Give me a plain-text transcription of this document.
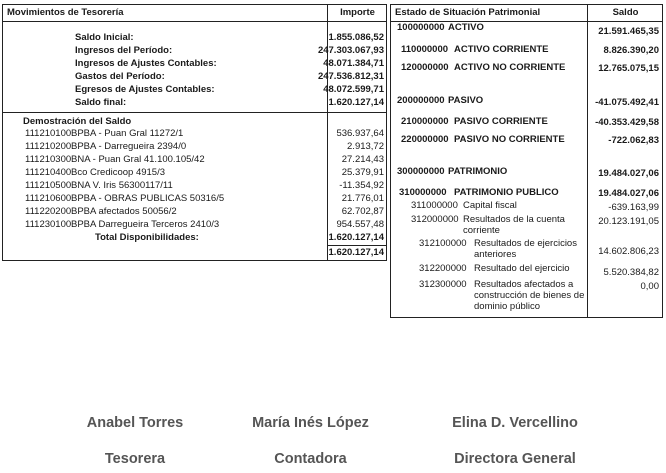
Movimientos de Tesorería	Importe
Saldo Inicial:	1.855.086,52
Ingresos del Período:	247.303.067,93
Ingresos de Ajustes Contables:	48.071.384,71
Gastos del Período:	247.536.812,31
Egresos de Ajustes Contables:	48.072.599,71
Saldo final:	1.620.127,14
Demostración del Saldo
111210100 BPBA - Puan Gral 11272/1	536.937,64
111210200 BPBA - Darregueira 2394/0	2.913,72
111210300 BNA - Puan Gral 41.100.105/42	27.214,43
111210400 Bco Credicoop 4915/3	25.379,91
111210500 BNA V. Iris 56300117/11	-11.354,92
111210600 BPBA - OBRAS PUBLICAS 50316/5	21.776,01
111220200 BPBA afectados 50056/2	62.702,87
111230100 BPBA Darregueira Terceros 2410/3	954.557,48
Total Disponibilidades:	1.620.127,14
1.620.127,14
Estado de Situación Patrimonial	Saldo
100000000 ACTIVO	21.591.465,35
110000000 ACTIVO CORRIENTE	8.826.390,20
120000000 ACTIVO NO CORRIENTE	12.765.075,15
200000000 PASIVO	-41.075.492,41
210000000 PASIVO CORRIENTE	-40.353.429,58
220000000 PASIVO NO CORRIENTE	-722.062,83
300000000 PATRIMONIO	19.484.027,06
310000000 PATRIMONIO PUBLICO	19.484.027,06
311000000 Capital fiscal	-639.163,99
312000000 Resultados de la cuenta corriente
20.123.191,05
312100000 Resultados de ejercicios anteriores	14.602.806,23
312200000 Resultado del ejercicio	5.520.384,82
312300000 Resultados afectados a construcción de bienes de dominio público
0,00
Anabel Torres	María Inés López	Elina D. Vercellino
Tesorera	Contadora	Directora General
